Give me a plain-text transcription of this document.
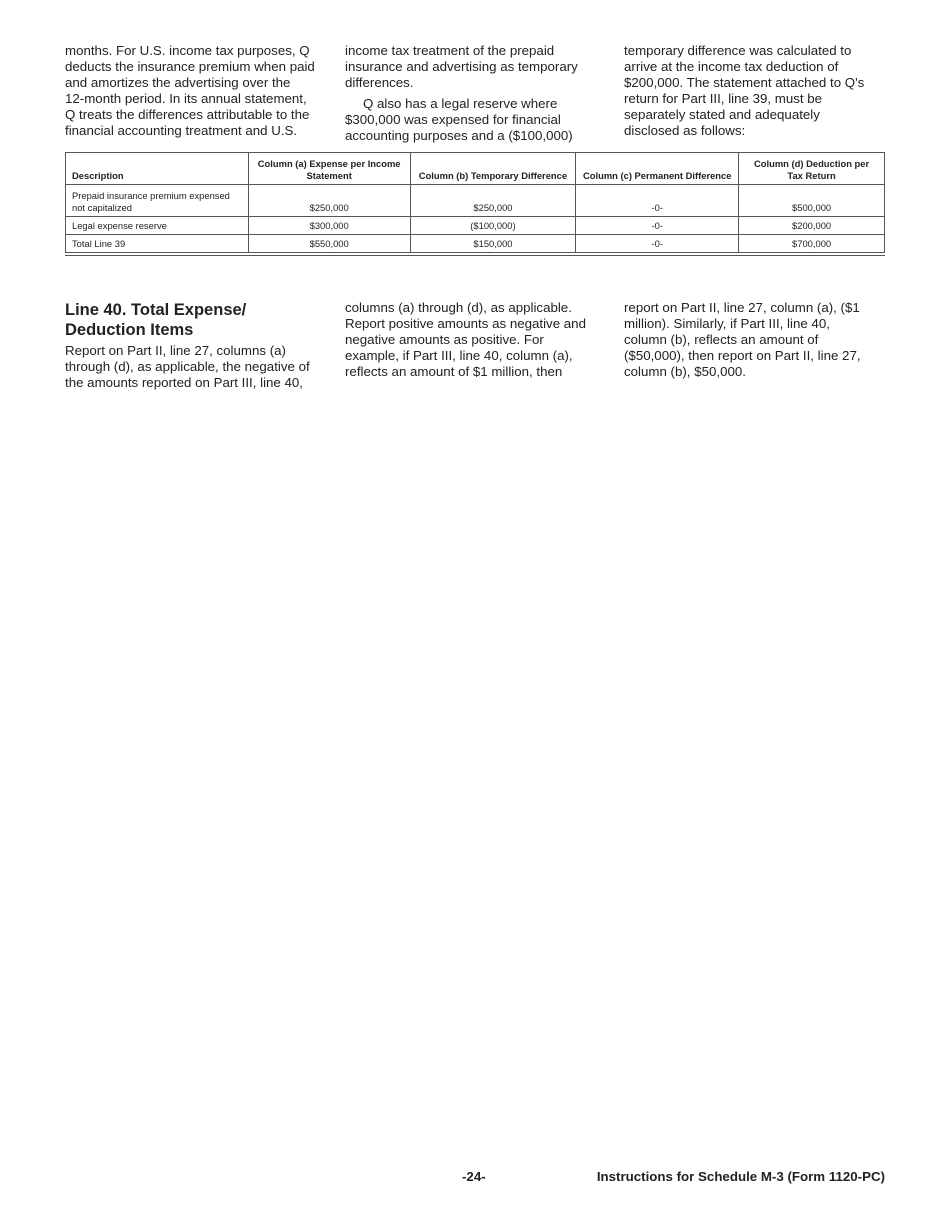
months. For U.S. income tax purposes, Q
deducts the insurance premium when paid
and amortizes the advertising over the
12-month period. In its annual statement,
Q treats the differences attributable to the
financial accounting treatment and U.S.

income tax treatment of the prepaid
insurance and advertising as temporary
differences.

Q also has a legal reserve where
$300,000 was expensed for financial
accounting purposes and a ($100,000)

temporary difference was calculated to
arrive at the income tax deduction of
$200,000. The statement attached to Q's
return for Part III, line 39, must be
separately stated and adequately
disclosed as follows:

Description	Column (a) Expense per Income Statement	Column (b) Temporary Difference	Column (c) Permanent Difference	Column (d) Deduction per Tax Return
Prepaid insurance premium expensed not capitalized	$250,000	$250,000	-0-	$500,000
Legal expense reserve	$300,000	($100,000)	-0-	$200,000
Total Line 39	$550,000	$150,000	-0-	$700,000
Line 40. Total Expense/ Deduction Items

Report on Part II, line 27, columns (a)
through (d), as applicable, the negative of
the amounts reported on Part III, line 40,

columns (a) through (d), as applicable.
Report positive amounts as negative and
negative amounts as positive. For
example, if Part III, line 40, column (a),
reflects an amount of $1 million, then

report on Part II, line 27, column (a), ($1
million). Similarly, if Part III, line 40,
column (b), reflects an amount of
($50,000), then report on Part II, line 27,
column (b), $50,000.

-24-	Instructions for Schedule M-3 (Form 1120-PC)
